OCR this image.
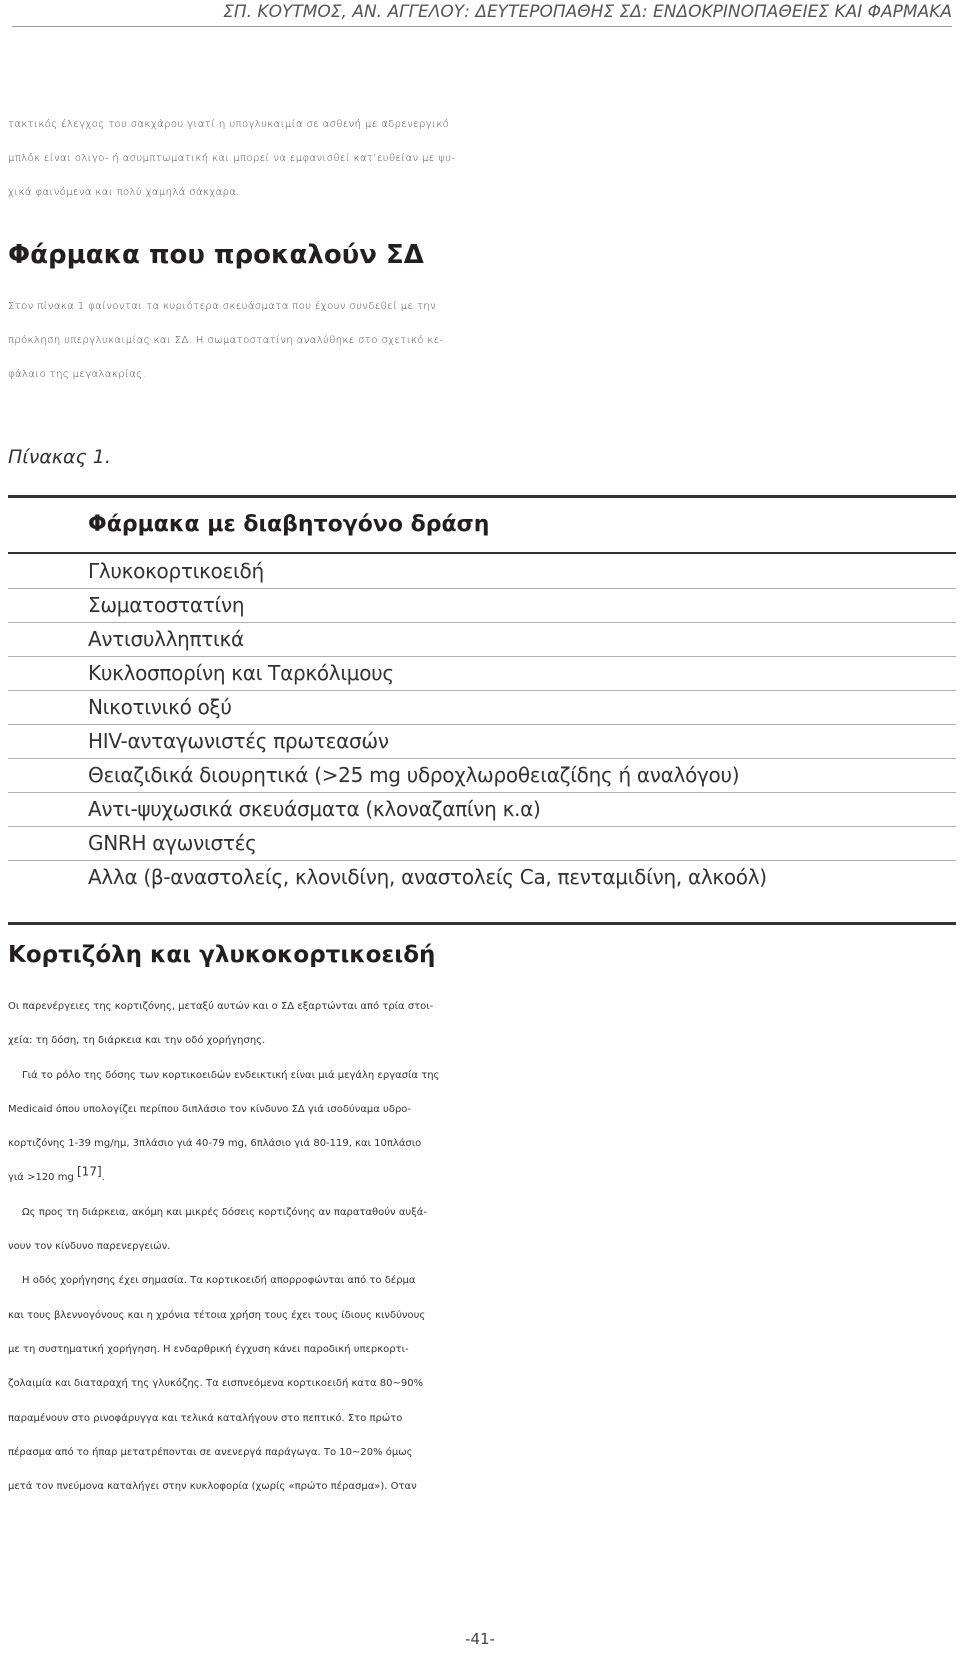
ΣΠ. ΚΟΥΤΜΟΣ, ΑΝ. ΑΓΓΕΛΟΥ: ΔΕΥΤΕΡΟΠΑΘΗΣ ΣΔ: ΕΝΔΟΚΡΙΝΟΠΑΘΕΙΕΣ ΚΑΙ ΦΑΡΜΑΚΑ

τακτικός έλεγχος του σακχάρου γιατί η υπογλυκαιμία σε ασθενή με αδρενεργικό
μπλόκ είναι ολιγο- ή ασυμπτωματική και μπορεί να εμφανισθεί κατ’ευθείαν με ψυ-
χικά φαινόμενα και πολύ χαμηλά σάκχαρα.

Φάρμακα που προκαλούν ΣΔ

Στον πίνακα 1 φαίνονται τα κυριότερα σκευάσματα που έχουν συνδεθεί με την
πρόκληση υπεργλυκαιμίας και ΣΔ. Η σωματοστατίνη αναλύθηκε στο σχετικό κε-
φάλαιο της μεγαλακρίας.

Πίνακας 1.

Φάρμακα με διαβητογόνο δράση

Γλυκοκορτικοειδή
Σωματοστατίνη
Αντισυλληπτικά
Κυκλοσπορίνη και Ταρκόλιμους
Νικοτινικό οξύ
HIV-ανταγωνιστές πρωτεασών
Θειαζιδικά διουρητικά (>25 mg υδροχλωροθειαζίδης ή αναλόγου)
Αντι-ψυχωσικά σκευάσματα (κλοναζαπίνη κ.α)
GNRH αγωνιστές
Αλλα (β-αναστολείς, κλονιδίνη, αναστολείς Ca, πενταμιδίνη, αλκοόλ)
Κορτιζόλη και γλυκοκορτικοειδή
Οι παρενέργειες της κορτιζόνης, μεταξύ αυτών και ο ΣΔ εξαρτώνται από τρία στοι-
χεία: τη δόση, τη διάρκεια και την οδό χορήγησης.
Γιά το ρόλο της δόσης των κορτικοειδών ενδεικτική είναι μιά μεγάλη εργασία της
Medicaid όπου υπολογίζει περίπου διπλάσιο τον κίνδυνο ΣΔ γιά ισοδύναμα υδρο-
κορτιζόνης 1-39 mg/ημ, 3πλάσιο γιά 40-79 mg, 6πλάσιο γιά 80-119, και 10πλάσιο
γιά >120 mg [17].
Ως προς τη διάρκεια, ακόμη και μικρές δόσεις κορτιζόνης αν παραταθούν αυξά-
νουν τον κίνδυνο παρενεργειών.
Η οδός χορήγησης έχει σημασία. Τα κορτικοειδή απορροφώνται από το δέρμα
και τους βλεννογόνους και η χρόνια τέτοια χρήση τους έχει τους ίδιους κινδύνους
με τη συστηματική χορήγηση. Η ενδαρθρική έγχυση κάνει παροδική υπερκορτι-
ζολαιμία και διαταραχή της γλυκόζης. Τα εισπνεόμενα κορτικοειδή κατα 80~90%
παραμένουν στο ρινοφάρυγγα και τελικά καταλήγουν στο πεπτικό. Στο πρώτο
πέρασμα από το ήπαρ μετατρέπονται σε ανενεργά παράγωγα. Το 10~20% όμως
μετά τον πνεύμονα καταλήγει στην κυκλοφορία (χωρίς «πρώτο πέρασμα»). Οταν
-41-
